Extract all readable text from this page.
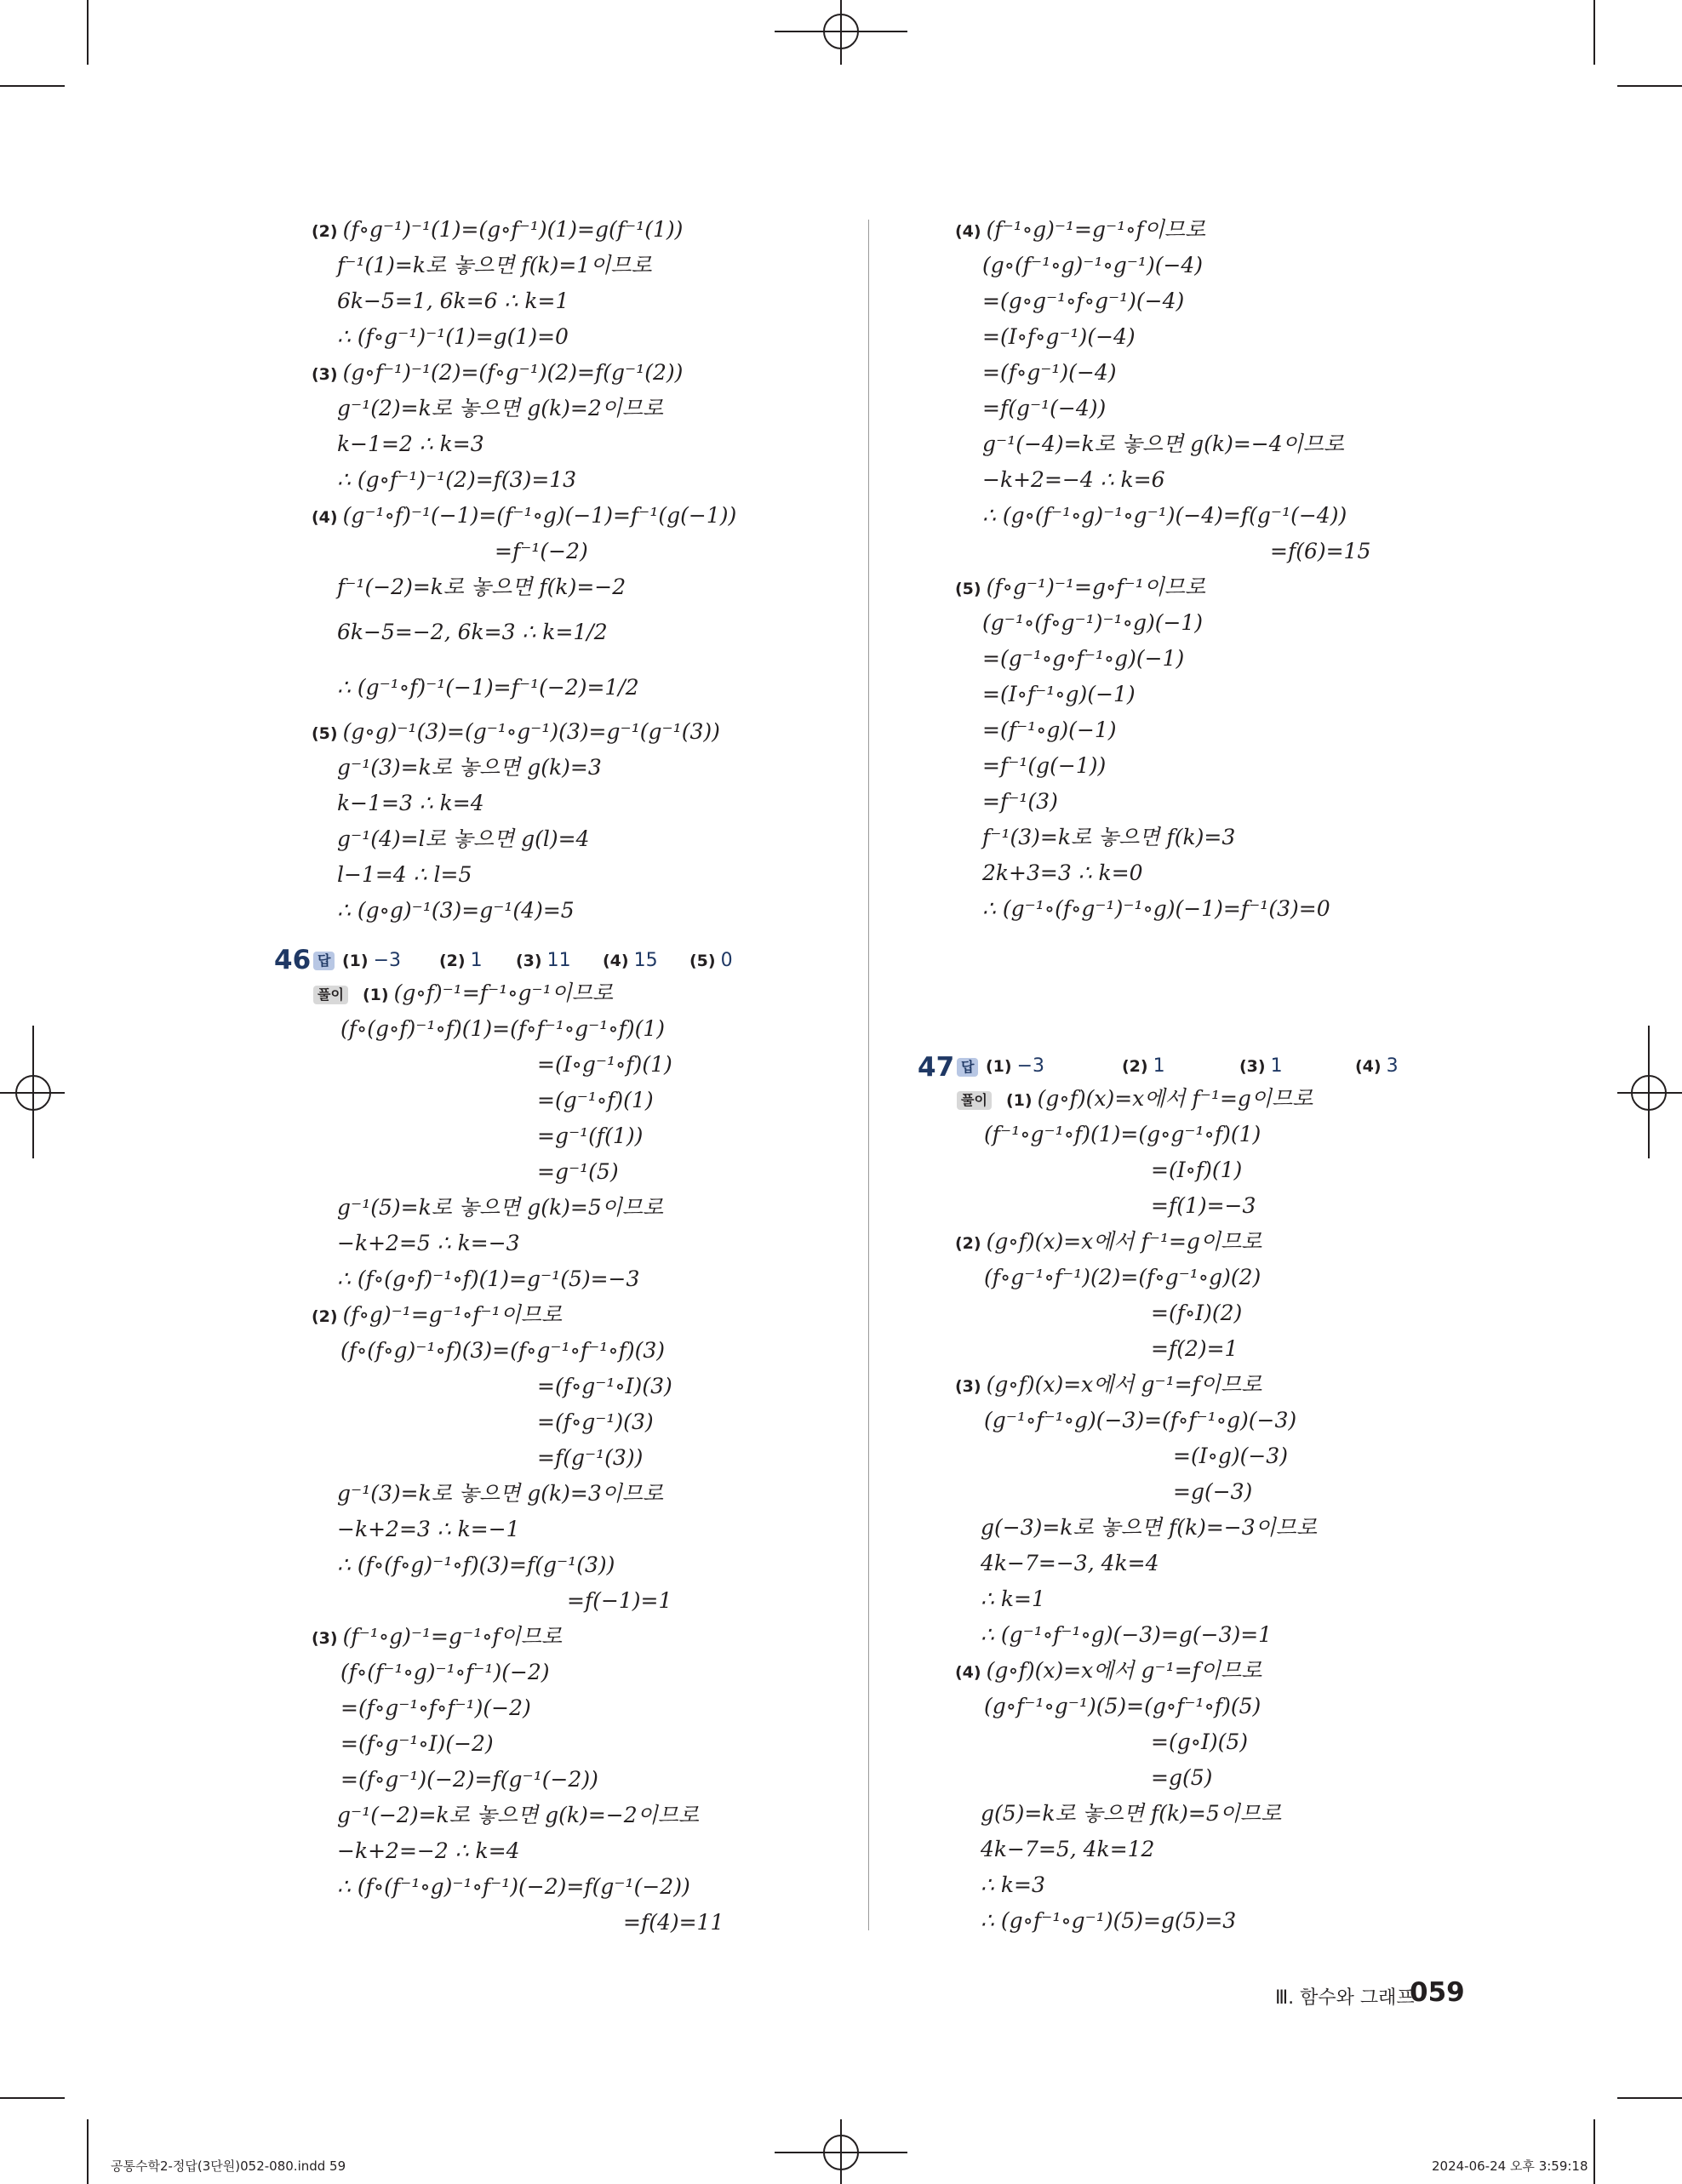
(2) (f∘g⁻¹)⁻¹(1)=(g∘f⁻¹)(1)=g(f⁻¹(1))
f⁻¹(1)=k로 놓으면 f(k)=1이므로
6k−5=1, 6k=6 ∴ k=1
∴ (f∘g⁻¹)⁻¹(1)=g(1)=0
(3) (g∘f⁻¹)⁻¹(2)=(f∘g⁻¹)(2)=f(g⁻¹(2))
g⁻¹(2)=k로 놓으면 g(k)=2이므로
k−1=2 ∴ k=3
∴ (g∘f⁻¹)⁻¹(2)=f(3)=13
(4) (g⁻¹∘f)⁻¹(−1)=(f⁻¹∘g)(−1)=f⁻¹(g(−1))
=f⁻¹(−2)
f⁻¹(−2)=k로 놓으면 f(k)=−2
6k−5=−2, 6k=3 ∴ k=1/2
∴ (g⁻¹∘f)⁻¹(−1)=f⁻¹(−2)=1/2
(5) (g∘g)⁻¹(3)=(g⁻¹∘g⁻¹)(3)=g⁻¹(g⁻¹(3))
g⁻¹(3)=k로 놓으면 g(k)=3
k−1=3 ∴ k=4
g⁻¹(4)=l로 놓으면 g(l)=4
l−1=4 ∴ l=5
∴ (g∘g)⁻¹(3)=g⁻¹(4)=5
46 답 (1) −3 (2) 1 (3) 11 (4) 15 (5) 0
풀이 (1) (g∘f)⁻¹=f⁻¹∘g⁻¹이므로
(f∘(g∘f)⁻¹∘f)(1)=(f∘f⁻¹∘g⁻¹∘f)(1)
=(I∘g⁻¹∘f)(1)
=(g⁻¹∘f)(1)
=g⁻¹(f(1))
=g⁻¹(5)
g⁻¹(5)=k로 놓으면 g(k)=5이므로
−k+2=5 ∴ k=−3
∴ (f∘(g∘f)⁻¹∘f)(1)=g⁻¹(5)=−3
(2) (f∘g)⁻¹=g⁻¹∘f⁻¹이므로
(f∘(f∘g)⁻¹∘f)(3)=(f∘g⁻¹∘f⁻¹∘f)(3)
=(f∘g⁻¹∘I)(3)
=(f∘g⁻¹)(3)
=f(g⁻¹(3))
g⁻¹(3)=k로 놓으면 g(k)=3이므로
−k+2=3 ∴ k=−1
∴ (f∘(f∘g)⁻¹∘f)(3)=f(g⁻¹(3))
=f(−1)=1
(3) (f⁻¹∘g)⁻¹=g⁻¹∘f이므로
(f∘(f⁻¹∘g)⁻¹∘f⁻¹)(−2)
=(f∘g⁻¹∘f∘f⁻¹)(−2)
=(f∘g⁻¹∘I)(−2)
=(f∘g⁻¹)(−2)=f(g⁻¹(−2))
g⁻¹(−2)=k로 놓으면 g(k)=−2이므로
−k+2=−2 ∴ k=4
∴ (f∘(f⁻¹∘g)⁻¹∘f⁻¹)(−2)=f(g⁻¹(−2))
=f(4)=11
(4) (f⁻¹∘g)⁻¹=g⁻¹∘f이므로
(g∘(f⁻¹∘g)⁻¹∘g⁻¹)(−4)
=(g∘g⁻¹∘f∘g⁻¹)(−4)
=(I∘f∘g⁻¹)(−4)
=(f∘g⁻¹)(−4)
=f(g⁻¹(−4))
g⁻¹(−4)=k로 놓으면 g(k)=−4이므로
−k+2=−4 ∴ k=6
∴ (g∘(f⁻¹∘g)⁻¹∘g⁻¹)(−4)=f(g⁻¹(−4))
=f(6)=15
(5) (f∘g⁻¹)⁻¹=g∘f⁻¹이므로
(g⁻¹∘(f∘g⁻¹)⁻¹∘g)(−1)
=(g⁻¹∘g∘f⁻¹∘g)(−1)
=(I∘f⁻¹∘g)(−1)
=(f⁻¹∘g)(−1)
=f⁻¹(g(−1))
=f⁻¹(3)
f⁻¹(3)=k로 놓으면 f(k)=3
2k+3=3 ∴ k=0
∴ (g⁻¹∘(f∘g⁻¹)⁻¹∘g)(−1)=f⁻¹(3)=0
47 답 (1) −3	(2) 1	(3) 1	(4) 3
풀이 (1) (g∘f)(x)=x에서 f⁻¹=g이므로
(f⁻¹∘g⁻¹∘f)(1)=(g∘g⁻¹∘f)(1)
=(I∘f)(1)
=f(1)=−3
(2) (g∘f)(x)=x에서 f⁻¹=g이므로
(f∘g⁻¹∘f⁻¹)(2)=(f∘g⁻¹∘g)(2)
=(f∘I)(2)
=f(2)=1
(3) (g∘f)(x)=x에서 g⁻¹=f이므로
(g⁻¹∘f⁻¹∘g)(−3)=(f∘f⁻¹∘g)(−3)
=(I∘g)(−3)
=g(−3)
g(−3)=k로 놓으면 f(k)=−3이므로
4k−7=−3, 4k=4
∴ k=1
∴ (g⁻¹∘f⁻¹∘g)(−3)=g(−3)=1
(4) (g∘f)(x)=x에서 g⁻¹=f이므로
(g∘f⁻¹∘g⁻¹)(5)=(g∘f⁻¹∘f)(5)
=(g∘I)(5)
=g(5)
g(5)=k로 놓으면 f(k)=5이므로
4k−7=5, 4k=12
∴ k=3
∴ (g∘f⁻¹∘g⁻¹)(5)=g(5)=3
Ⅲ. 함수와 그래프
059
공통수학2-정답(3단원)052-080.indd 59	2024-06-24 오후 3:59:18
